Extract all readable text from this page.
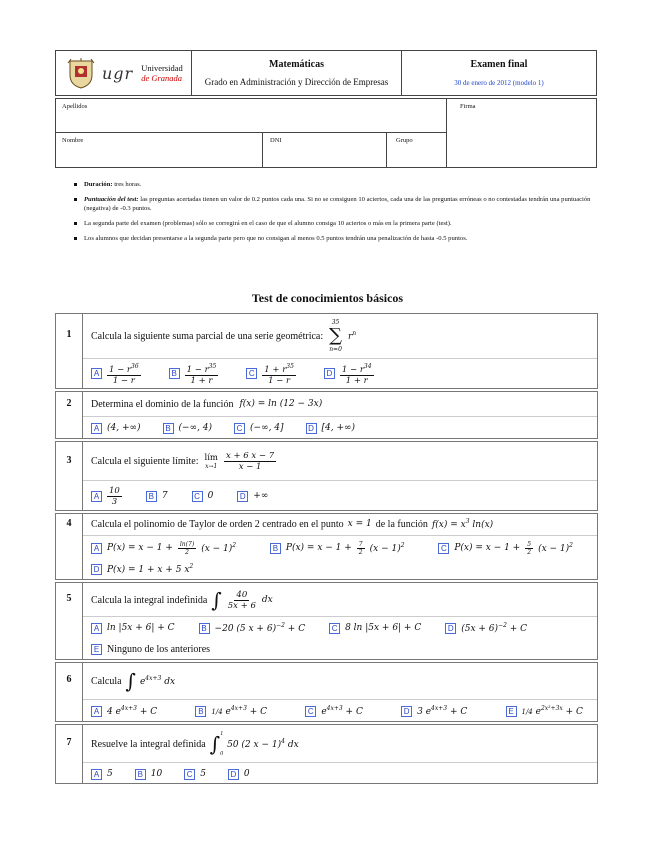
ugr Universidad
de Granada
Matemáticas
Grado en Administración y Dirección de Empresas
Examen final
30 de enero de 2012 (modelo 1)
Apellidos	Firma
Nombre	DNI	Grupo
Duración: tres horas.
Puntuación del test: las preguntas acertadas tienen un valor de 0.2 puntos cada una. Si no se consiguen 10 aciertos, cada una de las preguntas erróneas o no contestadas tendrán una puntuación (negativa) de -0.3 puntos.
La segunda parte del examen (problemas) sólo se corregirá en el caso de que el alumno consiga 10 aciertos o más en la primera parte (test).
Los alumnos que decidan presentarse a la segunda parte pero que no consigan al menos 0.5 puntos tendrán una penalización de hasta -0.5 puntos.
Test de conocimientos básicos
1	Calcula la siguiente suma parcial de una serie geométrica:
35
∑
n=0
$r^n$
A $\frac{1 - r^{36}}{1 - r}$	B $\frac{1 - r^{35}}{1 + r}$	C $\frac{1 + r^{35}}{1 - r}$	D $\frac{1 - r^{34}}{1 + r}$
2	Determina el dominio de la función f(x) = ln (12 − 3x)
A (4, +∞)	B (−∞, 4)	C (−∞, 4]	D [4, +∞)
3	Calcula el siguiente límite: lím
$x\to 1 \frac{x + 6 x - 7}{x - 1}$
A $\frac{10}{3}$	B 7	C 0	D +∞
4	Calcula el polinomio de Taylor de orden 2 centrado en el punto x = 1 de la función $f(x) = x^3$ ln(x)
A $P(x) = x - 1 + \frac{\ln(7)}{2} (x - 1)^2$	B $P(x) = x - 1 + \frac{7}{2} (x - 1)^2$	C $P(x) = x - 1 + \frac{5}{2} (x - 1)^2$
D P(x) = 1 + x + 5 $x^2$
5	Calcula la integral indefinida ∫ $\frac{40}{5x + 6}$ dx
A ln |5x + 6| + C	B −20 (5 x + 6)$^{-2}$ + C	C 8 ln |5x + 6| + C	D $(5x + 6)^{-2} + C$
E Ninguno de los anteriores
6	Calcula ∫ $e^{4x+3}$ dx
A 4 $e^{4x+3} + C$	B	1/4 $e^{4x+3} + C$	C $e^{4x+3} + C$	D 3 $e^{4x+3} + C$	E	1/4 $e^{2x^2+3x} + C$
7	Resuelve la integral definida ∫ 1
0
50 (2 x − 1)$^4$ dx
A 5	B 10	C 5	D 0
